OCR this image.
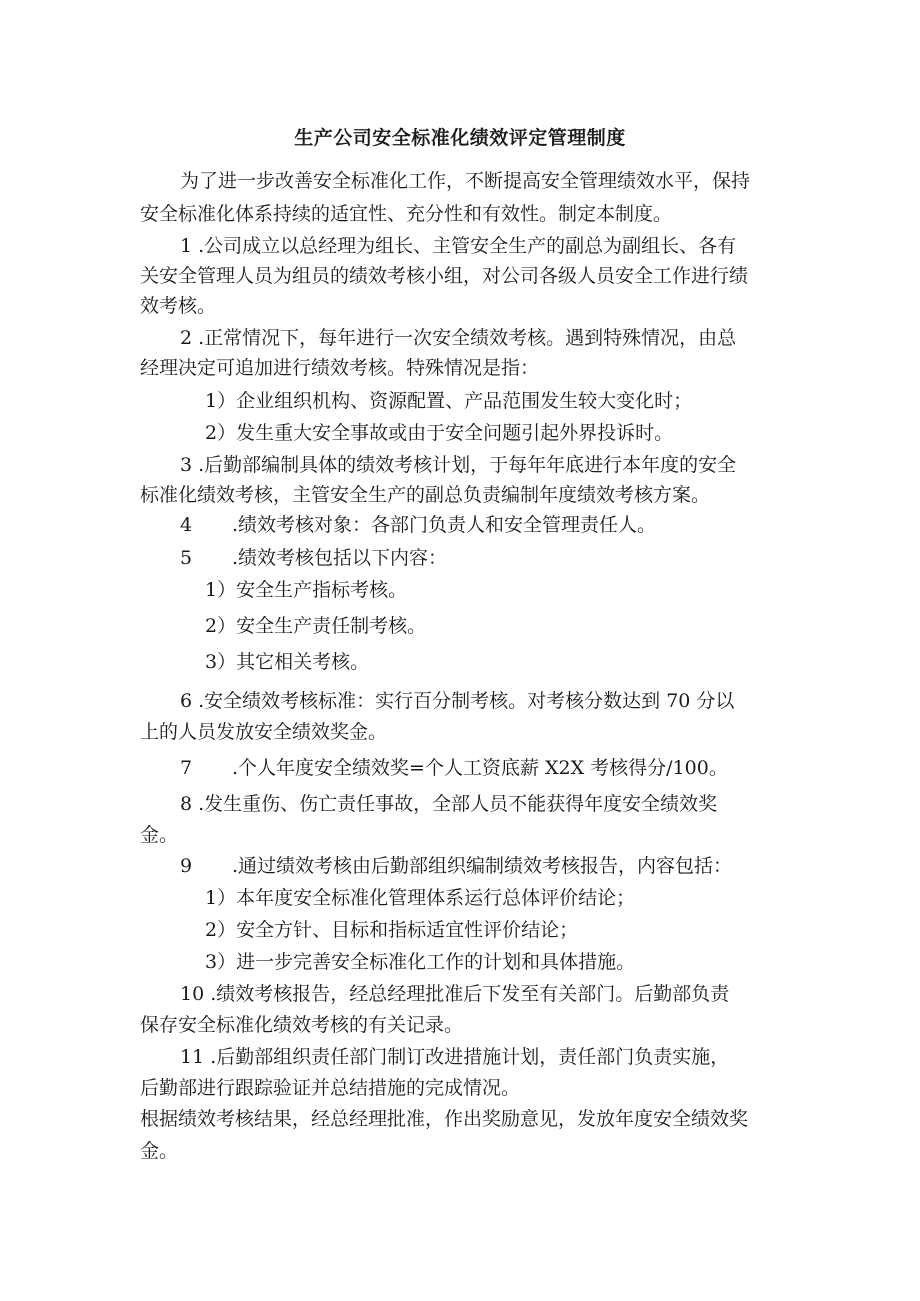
生产公司安全标准化绩效评定管理制度
为了进一步改善安全标准化工作，不断提高安全管理绩效水平，保持
安全标准化体系持续的适宜性、充分性和有效性。制定本制度。
1 .公司成立以总经理为组长、主管安全生产的副总为副组长、各有
关安全管理人员为组员的绩效考核小组，对公司各级人员安全工作进行绩
效考核。
2 .正常情况下，每年进行一次安全绩效考核。遇到特殊情况，由总
经理决定可追加进行绩效考核。特殊情况是指：
1）企业组织机构、资源配置、产品范围发生较大变化时；
2）发生重大安全事故或由于安全问题引起外界投诉时。
3 .后勤部编制具体的绩效考核计划，于每年年底进行本年度的安全
标准化绩效考核，主管安全生产的副总负责编制年度绩效考核方案。
4 .绩效考核对象：各部门负责人和安全管理责任人。
5 .绩效考核包括以下内容：
1）安全生产指标考核。
2）安全生产责任制考核。
3）其它相关考核。
6 .安全绩效考核标准：实行百分制考核。对考核分数达到 70 分以
上的人员发放安全绩效奖金。
7 .个人年度安全绩效奖=个人工资底薪 X2X 考核得分/100。
8 .发生重伤、伤亡责任事故，全部人员不能获得年度安全绩效奖
金。
9 .通过绩效考核由后勤部组织编制绩效考核报告，内容包括：
1）本年度安全标准化管理体系运行总体评价结论；
2）安全方针、目标和指标适宜性评价结论；
3）进一步完善安全标准化工作的计划和具体措施。
10 .绩效考核报告，经总经理批准后下发至有关部门。后勤部负责
保存安全标准化绩效考核的有关记录。
11 .后勤部组织责任部门制订改进措施计划，责任部门负责实施，
后勤部进行跟踪验证并总结措施的完成情况。
根据绩效考核结果，经总经理批准，作出奖励意见，发放年度安全绩效奖
金。
